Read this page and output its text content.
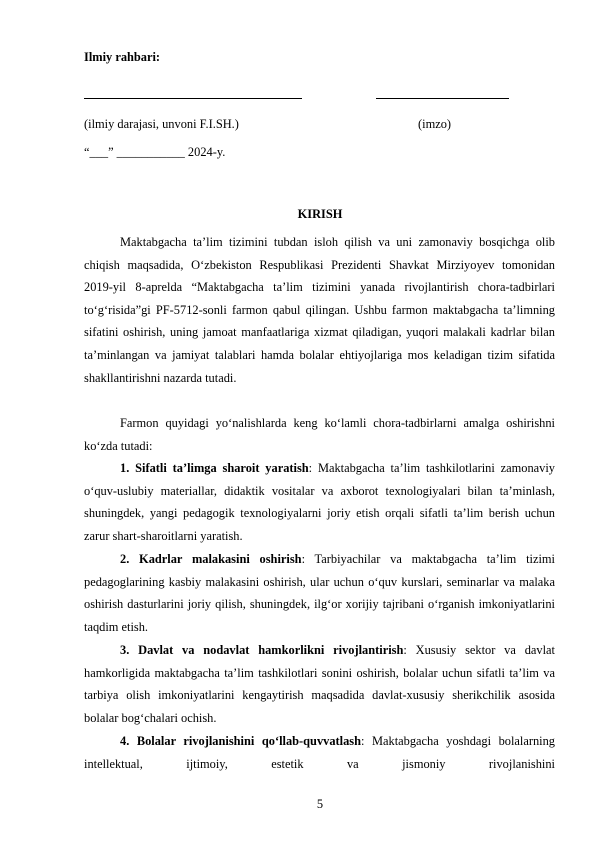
Ilmiy rahbari:
(ilmiy darajasi, unvoni F.I.SH.)	(imzo)
“___” ___________ 2024-y.
KIRISH
Maktabgacha ta’lim tizimini tubdan isloh qilish va uni zamonaviy bosqichga olib chiqish maqsadida, O‘zbekiston Respublikasi Prezidenti Shavkat Mirziyoyev tomonidan 2019-yil 8-aprelda “Maktabgacha ta’lim tizimini yanada rivojlantirish chora-tadbirlari to‘g‘risida”gi PF-5712-sonli farmon qabul qilingan. Ushbu farmon maktabgacha ta’limning sifatini oshirish, uning jamoat manfaatlariga xizmat qiladigan, yuqori malakali kadrlar bilan ta’minlangan va jamiyat talablari hamda bolalar ehtiyojlariga mos keladigan tizim sifatida shakllantirishni nazarda tutadi.
Farmon quyidagi yo‘nalishlarda keng ko‘lamli chora-tadbirlarni amalga oshirishni ko‘zda tutadi:
1. Sifatli ta’limga sharoit yaratish: Maktabgacha ta’lim tashkilotlarini zamonaviy o‘quv-uslubiy materiallar, didaktik vositalar va axborot texnologiyalari bilan ta’minlash, shuningdek, yangi pedagogik texnologiyalarni joriy etish orqali sifatli ta’lim berish uchun zarur shart-sharoitlarni yaratish.
2. Kadrlar malakasini oshirish: Tarbiyachilar va maktabgacha ta’lim tizimi pedagoglarining kasbiy malakasini oshirish, ular uchun o‘quv kurslari, seminarlar va malaka oshirish dasturlarini joriy qilish, shuningdek, ilg‘or xorijiy tajribani o‘rganish imkoniyatlarini taqdim etish.
3. Davlat va nodavlat hamkorlikni rivojlantirish: Xususiy sektor va davlat hamkorligida maktabgacha ta’lim tashkilotlari sonini oshirish, bolalar uchun sifatli ta’lim va tarbiya olish imkoniyatlarini kengaytirish maqsadida davlat-xususiy sherikchilik asosida bolalar bog‘chalari ochish.
4. Bolalar rivojlanishini qo‘llab-quvvatlash: Maktabgacha yoshdagi bolalarning intellektual, ijtimoiy, estetik va jismoniy rivojlanishini
5
